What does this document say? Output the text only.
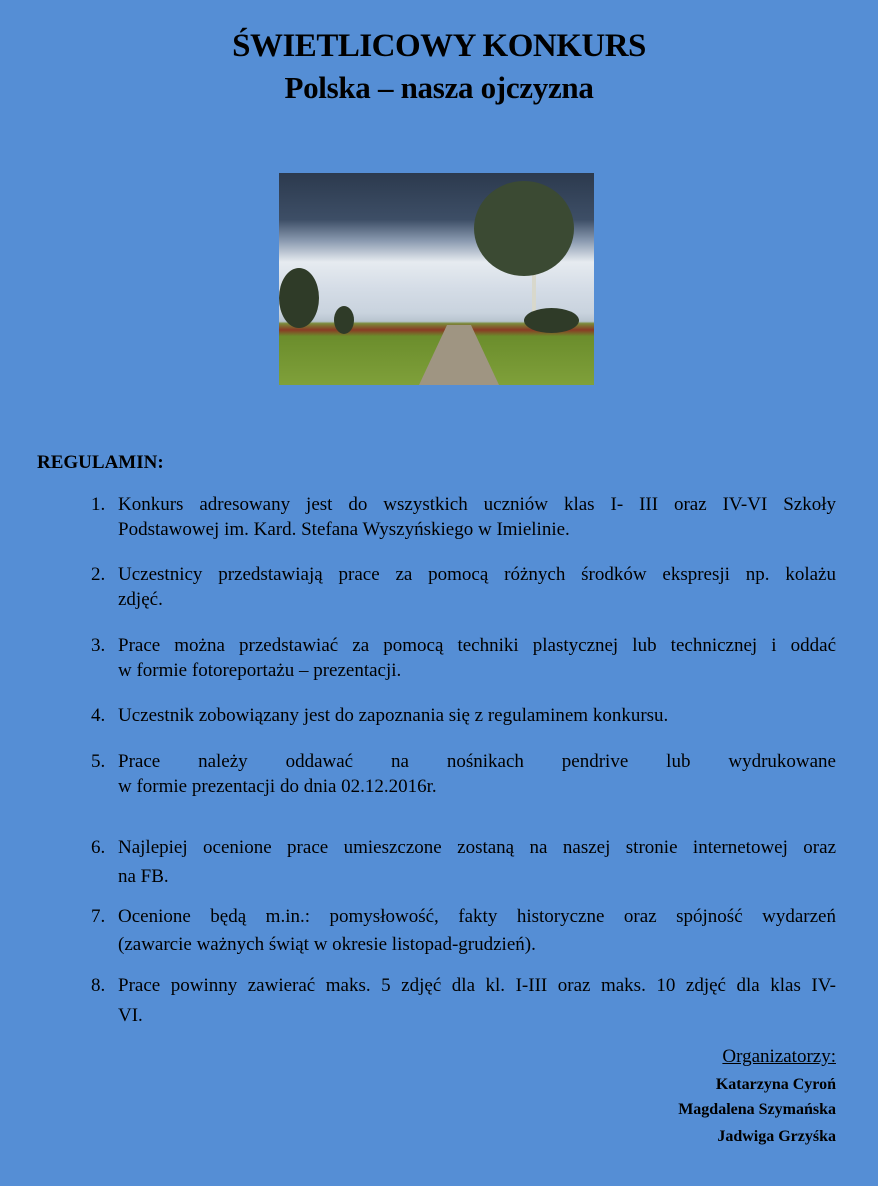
ŚWIETLICOWY KONKURS
Polska – nasza ojczyzna
REGULAMIN:
1. Konkurs adresowany jest do wszystkich uczniów klas I- III oraz IV-VI Szkoły
Podstawowej im. Kard. Stefana Wyszyńskiego w Imielinie.
2. Uczestnicy przedstawiają prace za pomocą różnych środków ekspresji np. kolażu
zdjęć.
3. Prace można przedstawiać za pomocą techniki plastycznej lub technicznej i oddać
w formie fotoreportażu – prezentacji.
4. Uczestnik zobowiązany jest do zapoznania się z regulaminem konkursu.
5. Prace należy oddawać na nośnikach pendrive lub wydrukowane
w formie prezentacji do dnia 02.12.2016r.
6. Najlepiej ocenione prace umieszczone zostaną na naszej stronie internetowej oraz
na FB.
7. Ocenione będą m.in.: pomysłowość, fakty historyczne oraz spójność wydarzeń
(zawarcie ważnych świąt w okresie listopad-grudzień).
8. Prace powinny zawierać maks. 5 zdjęć dla kl. I-III oraz maks. 10 zdjęć dla klas IV-
VI.
Organizatorzy:
Katarzyna Cyroń
Magdalena Szymańska
Jadwiga Grzyśka
